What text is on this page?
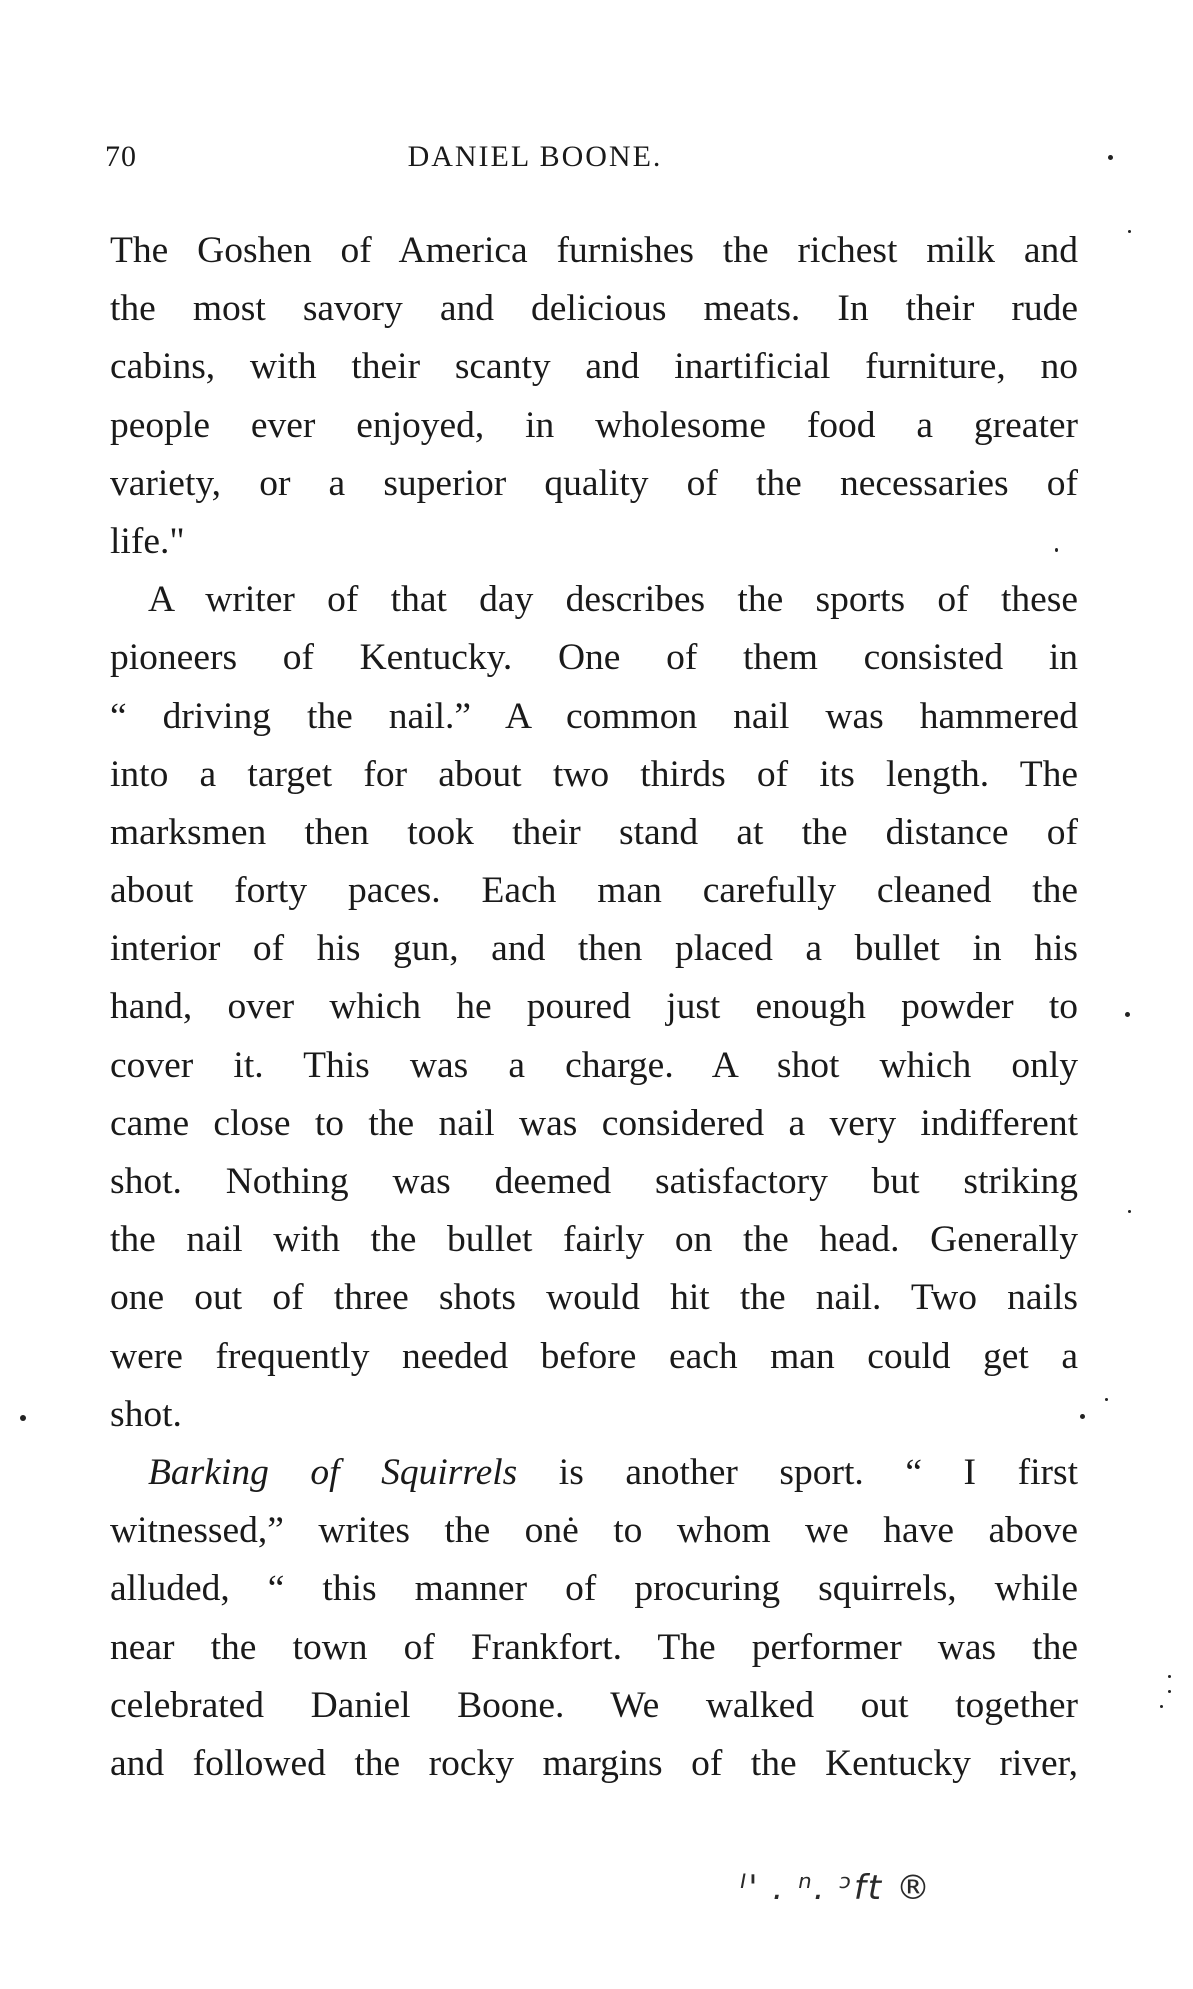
70	DANIEL BOONE.
The Goshen of America furnishes the richest milk and
the most savory and delicious meats. In their rude
cabins, with their scanty and inartificial furniture, no
people ever enjoyed, in wholesome food a greater
variety, or a superior quality of the necessaries of
life."
A writer of that day describes the sports of these
pioneers of Kentucky. One of them consisted in
“ driving the nail.” A common nail was hammered
into a target for about two thirds of its length. The
marksmen then took their stand at the distance of
about forty paces. Each man carefully cleaned the
interior of his gun, and then placed a bullet in his
hand, over which he poured just enough powder to
cover it. This was a charge. A shot which only
came close to the nail was considered a very indifferent
shot. Nothing was deemed satisfactory but striking
the nail with the bullet fairly on the head. Generally
one out of three shots would hit the nail. Two nails
were frequently needed before each man could get a
shot.
Barking of Squirrels is another sport. “ I first
witnessed,” writes the onė to whom we have above
alluded, “ this manner of procuring squirrels, while
near the town of Frankfort. The performer was the
celebrated Daniel Boone. We walked out together
and followed the rocky margins of the Kentucky river,
ᴵ' . ⁿ. ᵓft ®
